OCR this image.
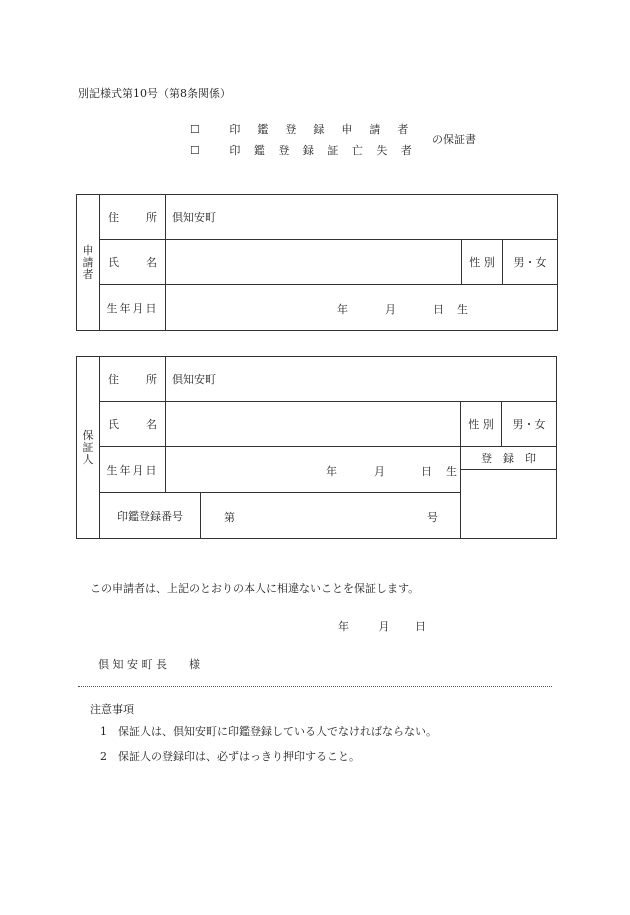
別記様式第10号（第8条関係）
☐	印 鑑 登 録 申 請 者
☐	印 鑑 登 録 証 亡 失 者
の保証書
申
請
者	住 所	倶知安町		

	氏 名		性 別	男・女
	生年月日	年 月 日 生		
保
証
人	住 所	倶知安町			

	氏 名			性 別	男・女
	生年月日	年 月 日 生		登　録　印	

	印鑑登録番号		第 号		
この申請者は、上記のとおりの本人に相違ないことを保証します。
年	月 日
倶 知 安 町 長　　様
注意事項
1　保証人は、倶知安町に印鑑登録している人でなければならない。
2　保証人の登録印は、必ずはっきり押印すること。
